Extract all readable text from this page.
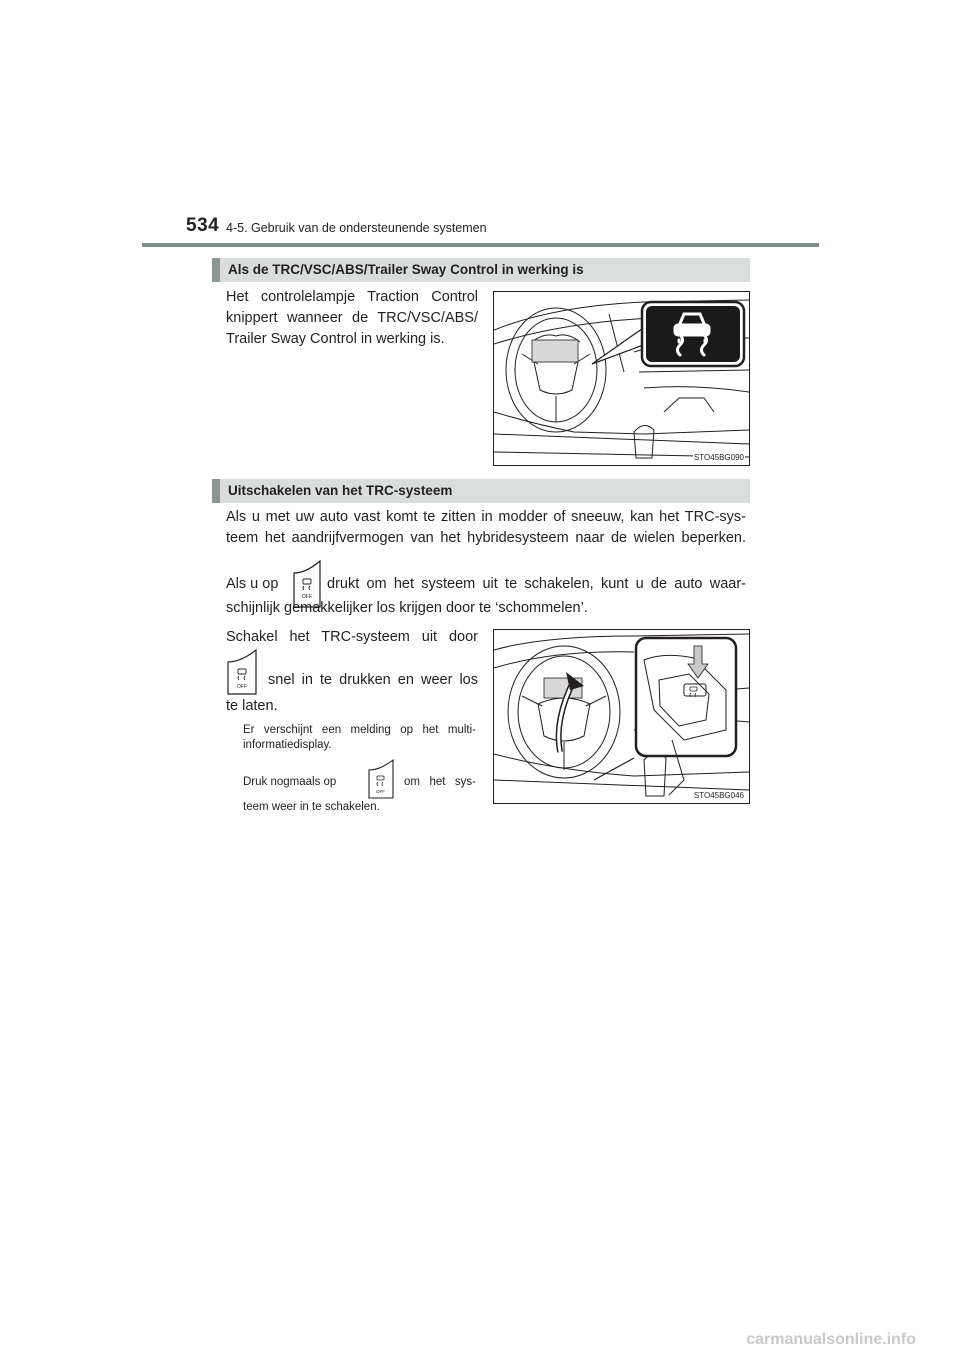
534 4-5. Gebruik van de ondersteunende systemen
Als de TRC/VSC/ABS/Trailer Sway Control in werking is
Het controlelampje Traction Control
knippert wanneer de TRC/VSC/ABS/
Trailer Sway Control in werking is.
STO45BG090
Uitschakelen van het TRC-systeem
Als u met uw auto vast komt te zitten in modder of sneeuw, kan het TRC-sys-
teem het aandrijfvermogen van het hybridesysteem naar de wielen beperken.
Als u op
OFF
drukt om het systeem uit te schakelen, kunt u de auto waar-
schijnlijk gemakkelijker los krijgen door te ‘schommelen’.
Schakel het TRC-systeem uit door
OFF snel in te drukken en weer los
te laten.
Er verschijnt een melding op het multi-
informatiedisplay.
Druk nogmaals op
OFF
om het sys-
teem weer in te schakelen.
STO45BG046
carmanualsonline.info
